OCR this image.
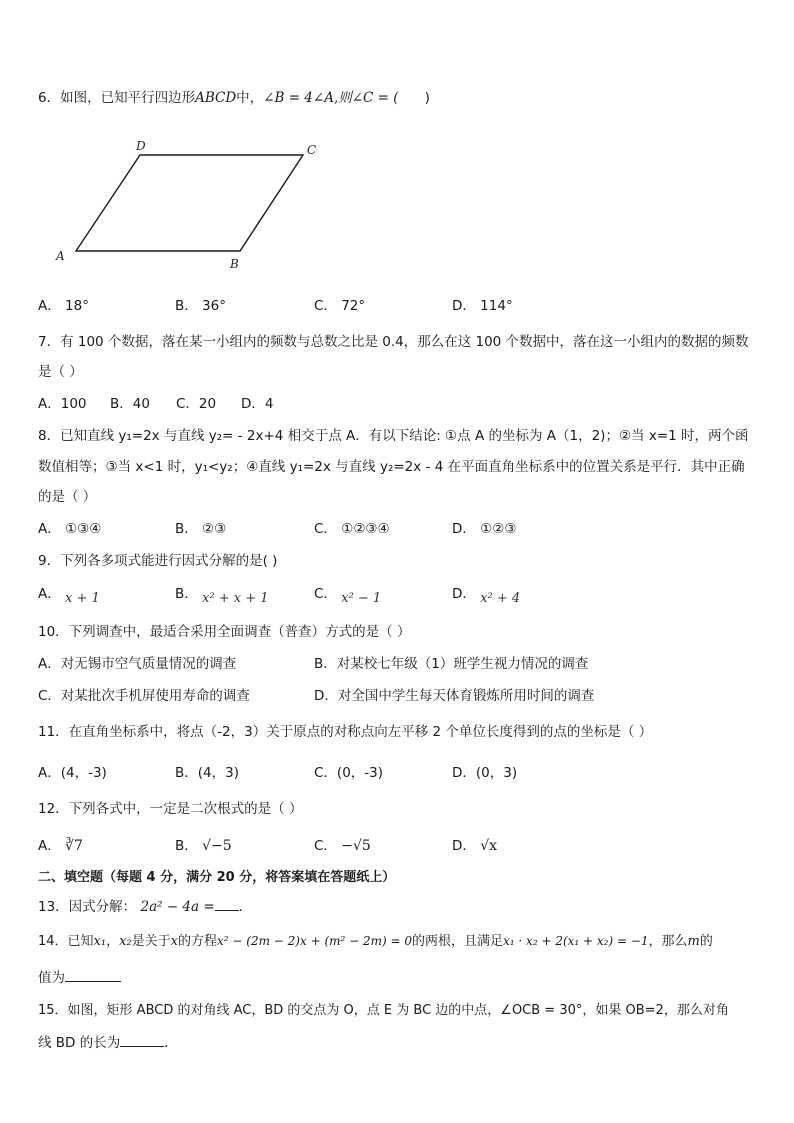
6．如图，已知平行四边形ABCD中，∠B = 4∠A,则∠C = ( )
D	C
A
B
A． 18°	B． 36°	C． 72°	D． 114°
7．有 100 个数据，落在某一小组内的频数与总数之比是 0.4，那么在这 100 个数据中，落在这一小组内的数据的频数
是（ ）
A．100 B．40 C．20 D．4
8．已知直线 y₁=2x 与直线 y₂= - 2x+4 相交于点 A．有以下结论: ①点 A 的坐标为 A（1，2)；②当 x=1 时，两个函
数值相等；③当 x<1 时，y₁<y₂；④直线 y₁=2x 与直线 y₂=2x - 4 在平面直角坐标系中的位置关系是平行．其中正确
的是（ ）
A． ①③④	B． ②③	C． ①②③④	D． ①②③
9．下列各多项式能进行因式分解的是( )
A． x + 1	B． x² + x + 1	C． x² − 1	D． x² + 4
10．下列调查中，最适合采用全面调查（普查）方式的是（ ）
A．对无锡市空气质量情况的调查	B．对某校七年级（1）班学生视力情况的调查
C．对某批次手机屏使用寿命的调查	D．对全国中学生每天体育锻炼所用时间的调查
11．在直角坐标系中，将点（-2，3）关于原点的对称点向左平移 2 个单位长度得到的点的坐标是（ ）
A．(4，-3)	B．(4，3)	C．(0，-3)	D．(0，3)
12．下列各式中，一定是二次根式的是（ ）
A． ∛7	B． √−5	C． −√5	D． √x
二、填空题（每题 4 分，满分 20 分，将答案填在答题纸上）
13．因式分解： 2a² − 4a = ．
14．已知x₁，x₂是关于x的方程x² − (2m − 2)x + (m² − 2m) = 0的两根，且满足x₁ · x₂ + 2(x₁ + x₂) = −1，那么m的
值为
15．如图，矩形 ABCD 的对角线 AC，BD 的交点为 O，点 E 为 BC 边的中点，∠OCB = 30°，如果 OB=2，那么对角
线 BD 的长为	．
